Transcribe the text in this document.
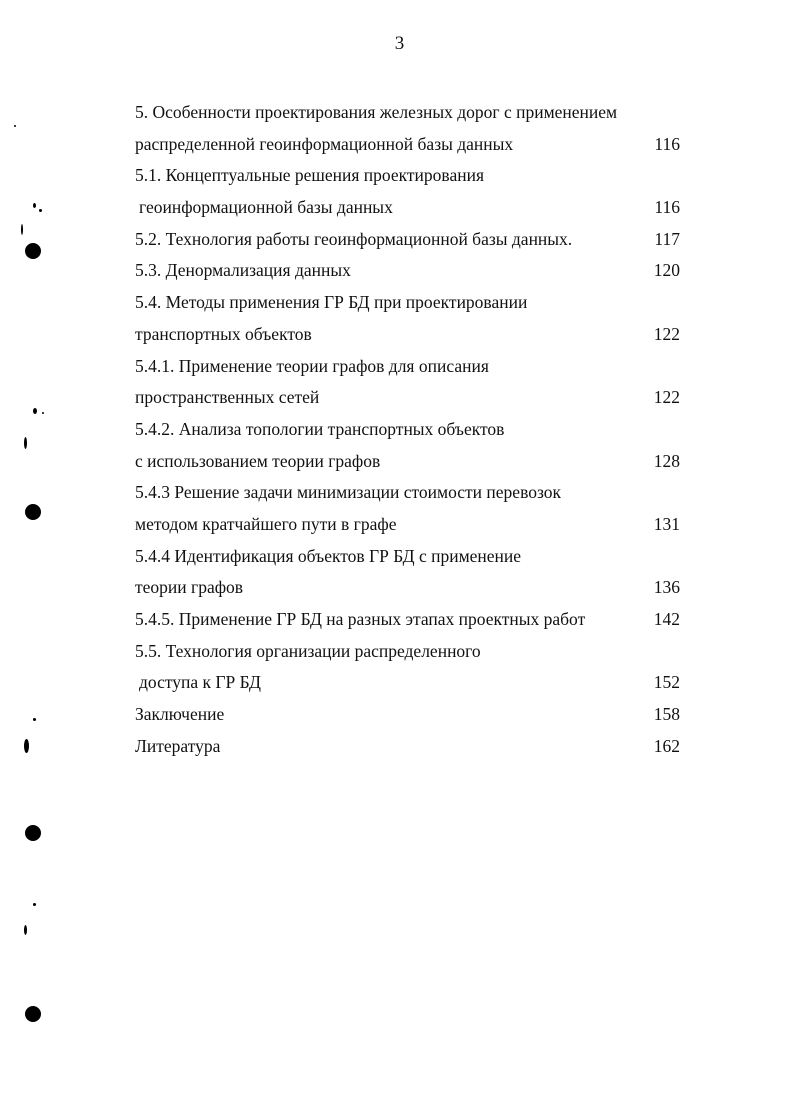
3
5. Особенности проектирования железных дорог с применением
распределенной геоинформационной базы данных	116
5.1. Концептуальные решения проектирования
геоинформационной базы данных	116
5.2. Технология работы геоинформационной базы данных.	117
5.3. Денормализация данных	120
5.4. Методы применения ГР БД при проектировании
транспортных объектов	122
5.4.1. Применение теории графов для описания
пространственных сетей	122
5.4.2. Анализа топологии транспортных объектов
с использованием теории графов	128
5.4.3 Решение задачи минимизации стоимости перевозок
методом кратчайшего пути в графе	131
5.4.4 Идентификация объектов ГР БД с применение
теории графов	136
5.4.5. Применение ГР БД на разных этапах проектных работ	142
5.5. Технология организации распределенного
доступа к ГР БД	152
Заключение	158
Литература	162
